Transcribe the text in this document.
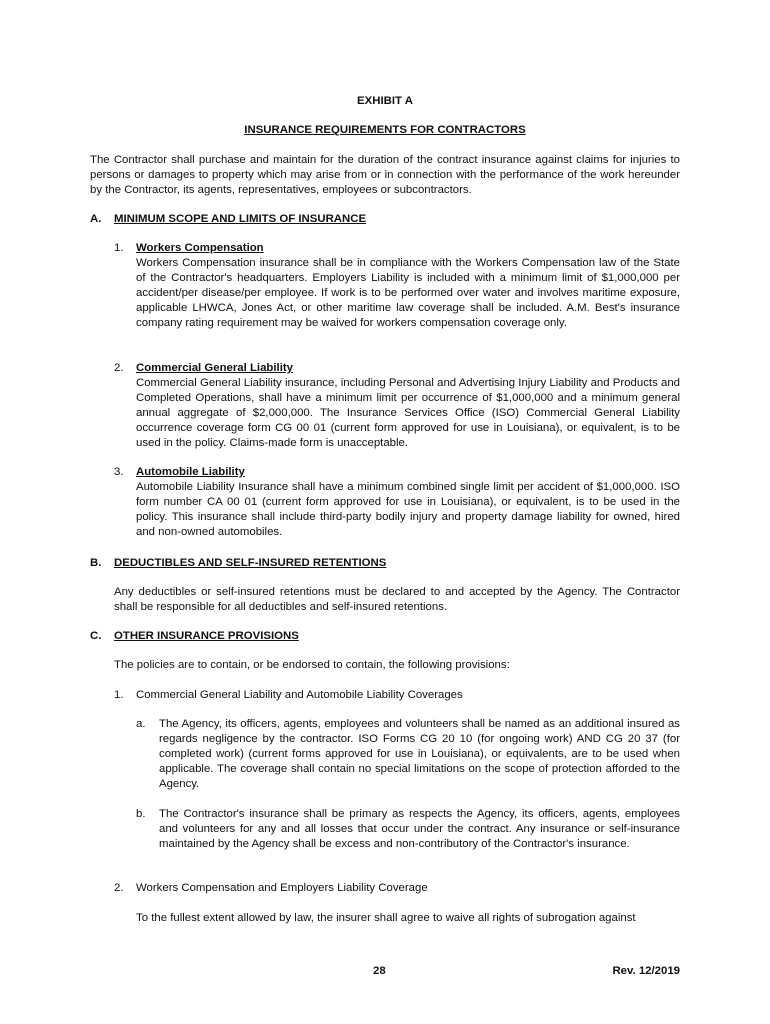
EXHIBIT A
INSURANCE REQUIREMENTS FOR CONTRACTORS
The Contractor shall purchase and maintain for the duration of the contract insurance against claims for injuries to persons or damages to property which may arise from or in connection with the performance of the work hereunder by the Contractor, its agents, representatives, employees or subcontractors.
A. MINIMUM SCOPE AND LIMITS OF INSURANCE
1. Workers Compensation
Workers Compensation insurance shall be in compliance with the Workers Compensation law of the State of the Contractor's headquarters. Employers Liability is included with a minimum limit of $1,000,000 per accident/per disease/per employee. If work is to be performed over water and involves maritime exposure, applicable LHWCA, Jones Act, or other maritime law coverage shall be included. A.M. Best's insurance company rating requirement may be waived for workers compensation coverage only.
2. Commercial General Liability
Commercial General Liability insurance, including Personal and Advertising Injury Liability and Products and Completed Operations, shall have a minimum limit per occurrence of $1,000,000 and a minimum general annual aggregate of $2,000,000. The Insurance Services Office (ISO) Commercial General Liability occurrence coverage form CG 00 01 (current form approved for use in Louisiana), or equivalent, is to be used in the policy. Claims-made form is unacceptable.
3. Automobile Liability
Automobile Liability Insurance shall have a minimum combined single limit per accident of $1,000,000. ISO form number CA 00 01 (current form approved for use in Louisiana), or equivalent, is to be used in the policy. This insurance shall include third-party bodily injury and property damage liability for owned, hired and non-owned automobiles.
B. DEDUCTIBLES AND SELF-INSURED RETENTIONS
Any deductibles or self-insured retentions must be declared to and accepted by the Agency. The Contractor shall be responsible for all deductibles and self-insured retentions.
C. OTHER INSURANCE PROVISIONS
The policies are to contain, or be endorsed to contain, the following provisions:
1. Commercial General Liability and Automobile Liability Coverages
a. The Agency, its officers, agents, employees and volunteers shall be named as an additional insured as regards negligence by the contractor. ISO Forms CG 20 10 (for ongoing work) AND CG 20 37 (for completed work) (current forms approved for use in Louisiana), or equivalents, are to be used when applicable. The coverage shall contain no special limitations on the scope of protection afforded to the Agency.
b. The Contractor's insurance shall be primary as respects the Agency, its officers, agents, employees and volunteers for any and all losses that occur under the contract. Any insurance or self-insurance maintained by the Agency shall be excess and non-contributory of the Contractor's insurance.
2. Workers Compensation and Employers Liability Coverage
To the fullest extent allowed by law, the insurer shall agree to waive all rights of subrogation against
28	Rev. 12/2019
